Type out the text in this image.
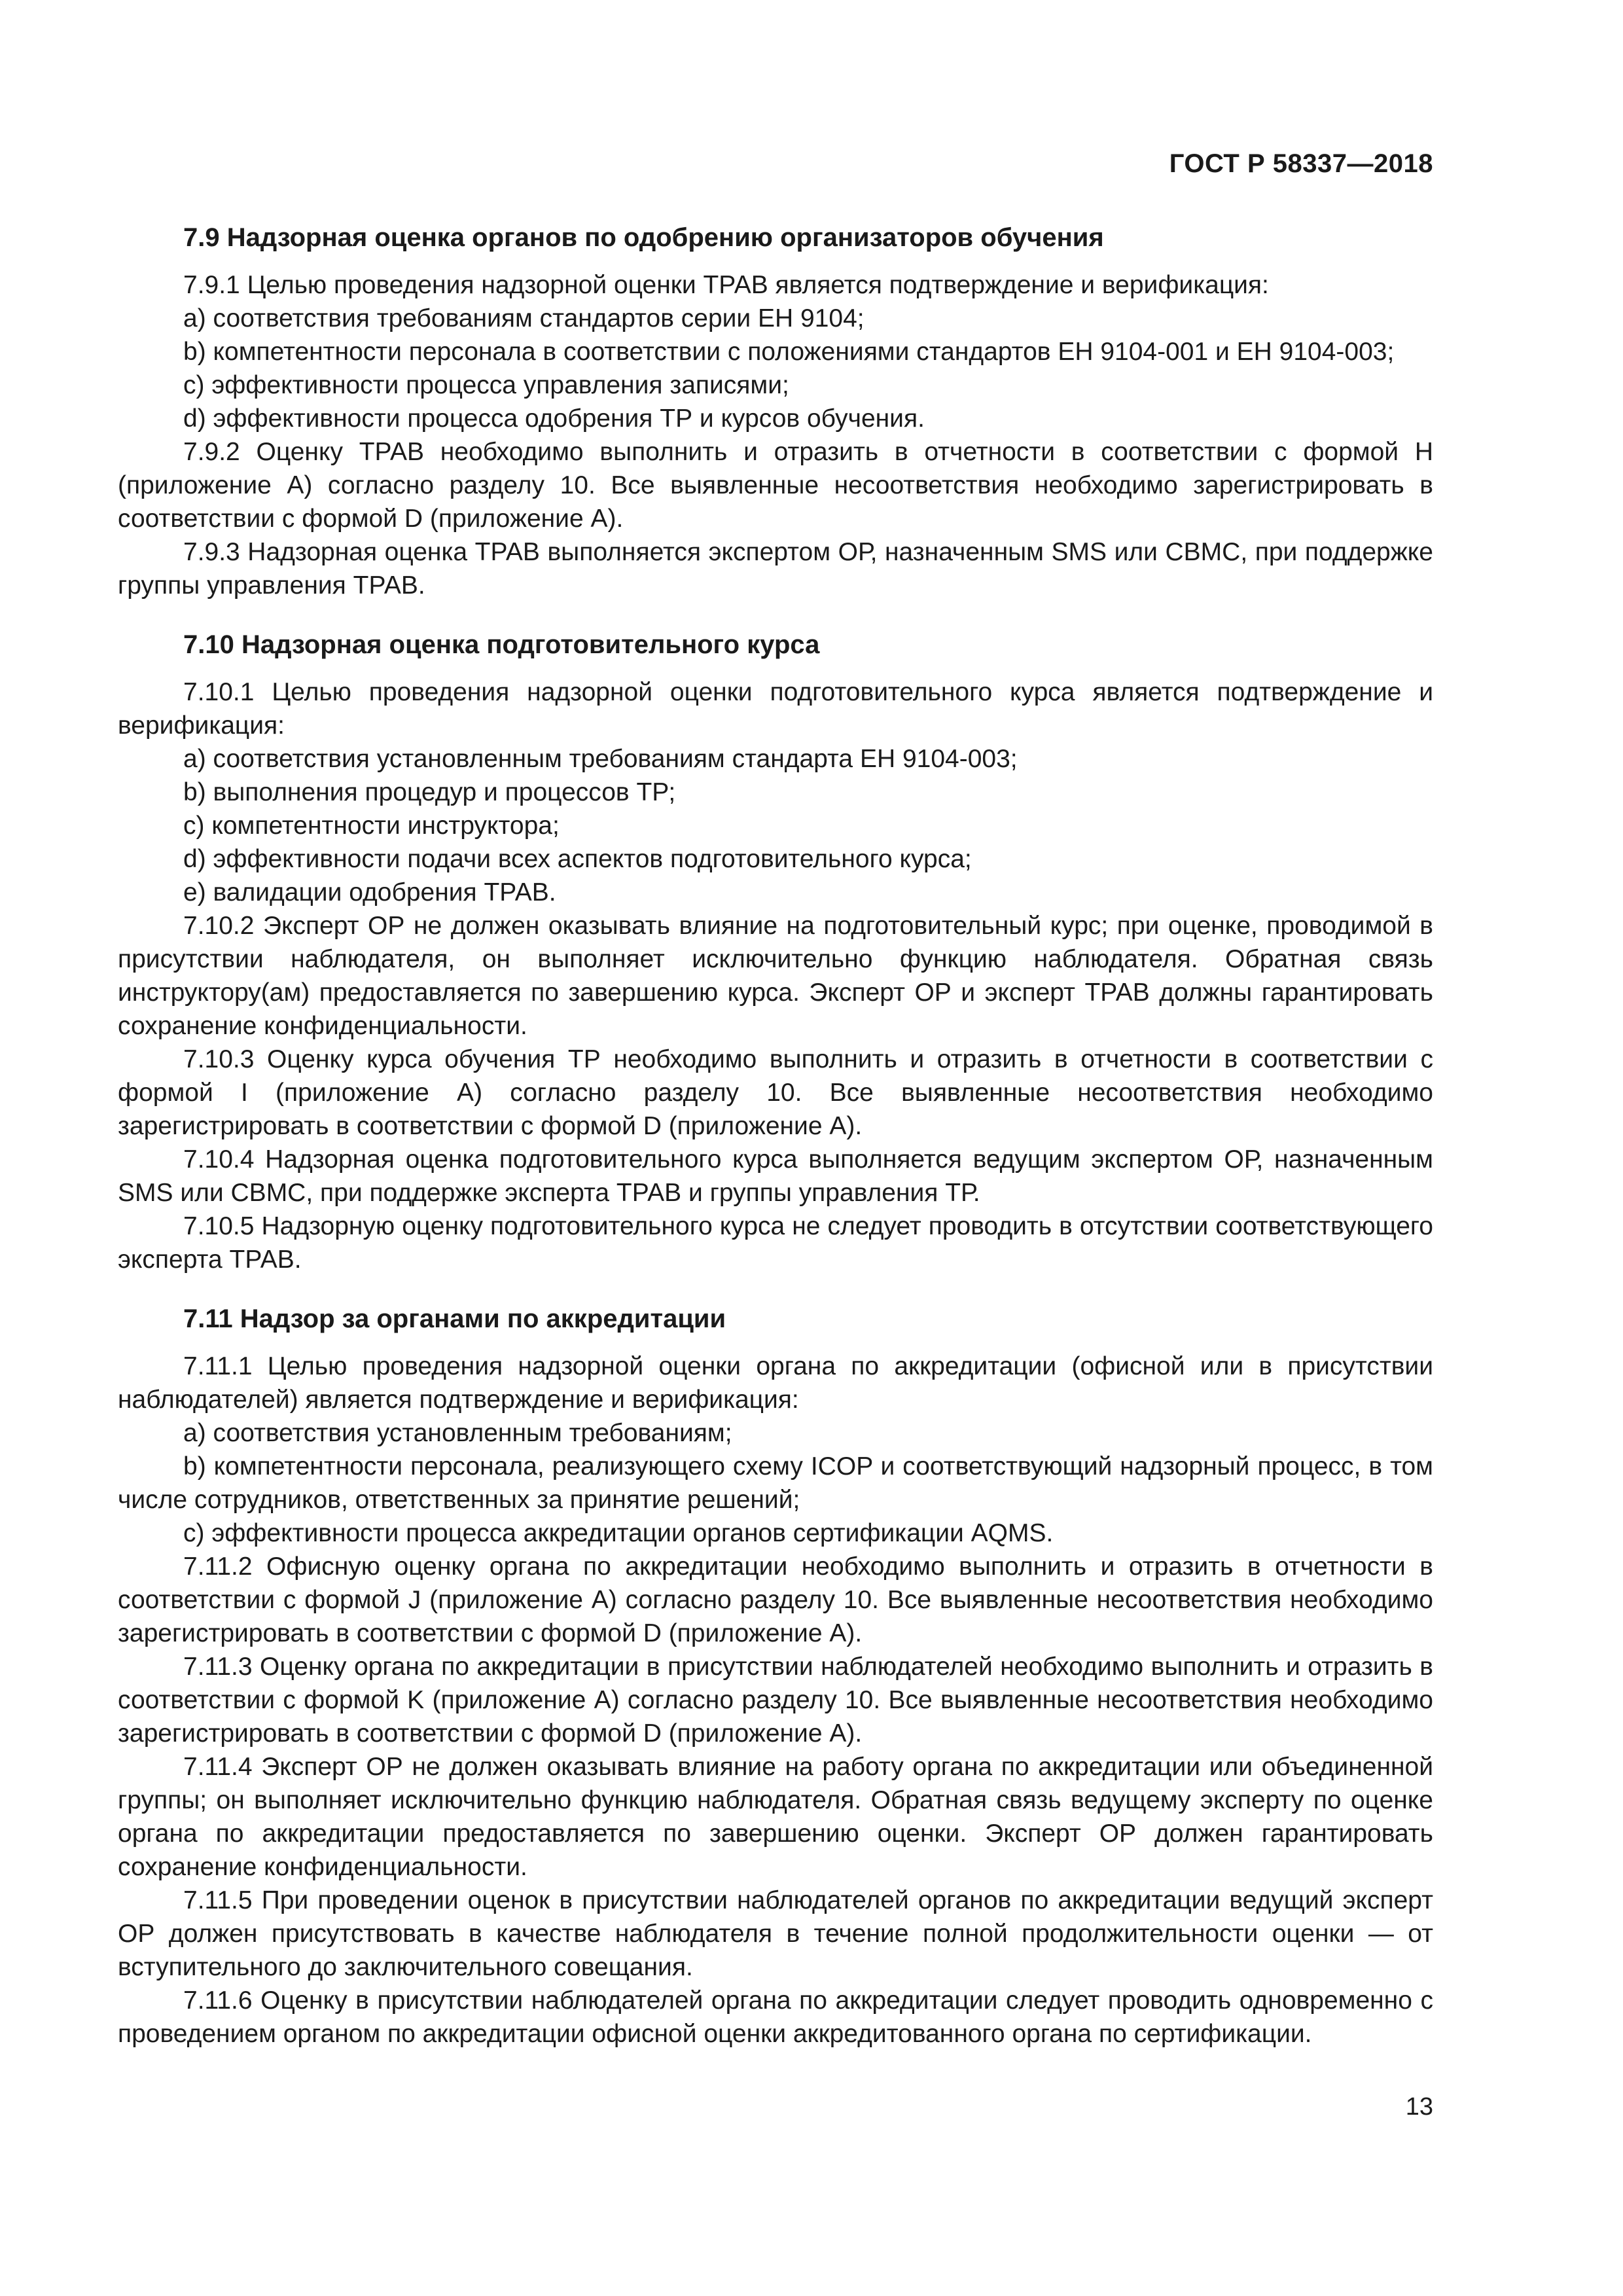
ГОСТ Р 58337—2018
7.9 Надзорная оценка органов по одобрению организаторов обучения

7.9.1 Целью проведения надзорной оценки ТРАВ является подтверждение и верификация:

а) соответствия требованиям стандартов серии ЕН 9104;

b) компетентности персонала в соответствии с положениями стандартов ЕН 9104-001 и ЕН 9104-003;

с) эффективности процесса управления записями;

d) эффективности процесса одобрения ТР и курсов обучения.

7.9.2 Оценку ТРАВ необходимо выполнить и отразить в отчетности в соответствии с формой Н (приложение А) согласно разделу 10. Все выявленные несоответствия необходимо зарегистрировать в соответствии с формой D (приложение А).

7.9.3 Надзорная оценка ТРАВ выполняется экспертом ОР, назначенным SMS или СВМС, при поддержке группы управления ТРАВ.

7.10 Надзорная оценка подготовительного курса

7.10.1 Целью проведения надзорной оценки подготовительного курса является подтверждение и верификация:

а) соответствия установленным требованиям стандарта ЕН 9104-003;

b) выполнения процедур и процессов ТР;

с) компетентности инструктора;

d) эффективности подачи всех аспектов подготовительного курса;

е) валидации одобрения ТРАВ.

7.10.2 Эксперт ОР не должен оказывать влияние на подготовительный курс; при оценке, проводимой в присутствии наблюдателя, он выполняет исключительно функцию наблюдателя. Обратная связь инструктору(ам) предоставляется по завершению курса. Эксперт ОР и эксперт ТРАВ должны гарантировать сохранение конфиденциальности.

7.10.3 Оценку курса обучения ТР необходимо выполнить и отразить в отчетности в соответствии с формой I (приложение А) согласно разделу 10. Все выявленные несоответствия необходимо зарегистрировать в соответствии с формой D (приложение А).

7.10.4 Надзорная оценка подготовительного курса выполняется ведущим экспертом ОР, назначенным SMS или СВМС, при поддержке эксперта ТРАВ и группы управления ТР.

7.10.5 Надзорную оценку подготовительного курса не следует проводить в отсутствии соответствующего эксперта ТРАВ.

7.11 Надзор за органами по аккредитации

7.11.1 Целью проведения надзорной оценки органа по аккредитации (офисной или в присутствии наблюдателей) является подтверждение и верификация:

а) соответствия установленным требованиям;

b) компетентности персонала, реализующего схему ICOP и соответствующий надзорный процесс, в том числе сотрудников, ответственных за принятие решений;

с) эффективности процесса аккредитации органов сертификации AQMS.

7.11.2 Офисную оценку органа по аккредитации необходимо выполнить и отразить в отчетности в соответствии с формой J (приложение А) согласно разделу 10. Все выявленные несоответствия необходимо зарегистрировать в соответствии с формой D (приложение А).

7.11.3 Оценку органа по аккредитации в присутствии наблюдателей необходимо выполнить и отразить в соответствии с формой K (приложение А) согласно разделу 10. Все выявленные несоответствия необходимо зарегистрировать в соответствии с формой D (приложение А).

7.11.4 Эксперт ОР не должен оказывать влияние на работу органа по аккредитации или объединенной группы; он выполняет исключительно функцию наблюдателя. Обратная связь ведущему эксперту по оценке органа по аккредитации предоставляется по завершению оценки. Эксперт ОР должен гарантировать сохранение конфиденциальности.

7.11.5 При проведении оценок в присутствии наблюдателей органов по аккредитации ведущий эксперт ОР должен присутствовать в качестве наблюдателя в течение полной продолжительности оценки — от вступительного до заключительного совещания.

7.11.6 Оценку в присутствии наблюдателей органа по аккредитации следует проводить одновременно с проведением органом по аккредитации офисной оценки аккредитованного органа по сертификации.

13
